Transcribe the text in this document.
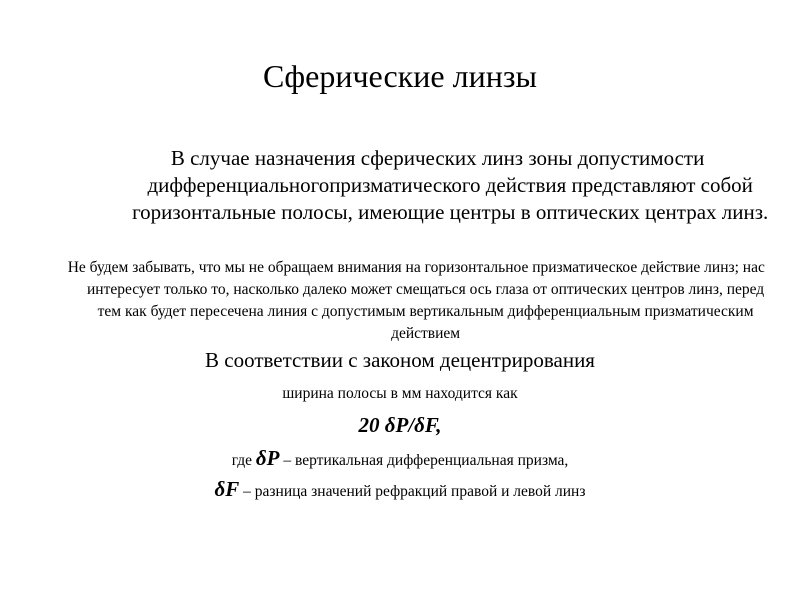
Сферические линзы
В случае назначения сферических линз зоны допустимости дифференциальногопризматического действия представляют собой горизонтальные полосы, имеющие центры в оптических центрах линз.
Не будем забывать, что мы не обращаем внимания на горизонтальное призматическое действие линз; нас интересует только то, насколько далеко может смещаться ось глаза от оптических центров линз, перед тем как будет пересечена линия с допустимым вертикальным дифференциальным призматическим действием
В соответствии с законом децентрирования
ширина полосы в мм находится как
20 δP/δF,
где δP – вертикальная дифференциальная призма,
δF – разница значений рефракций правой и левой линз
